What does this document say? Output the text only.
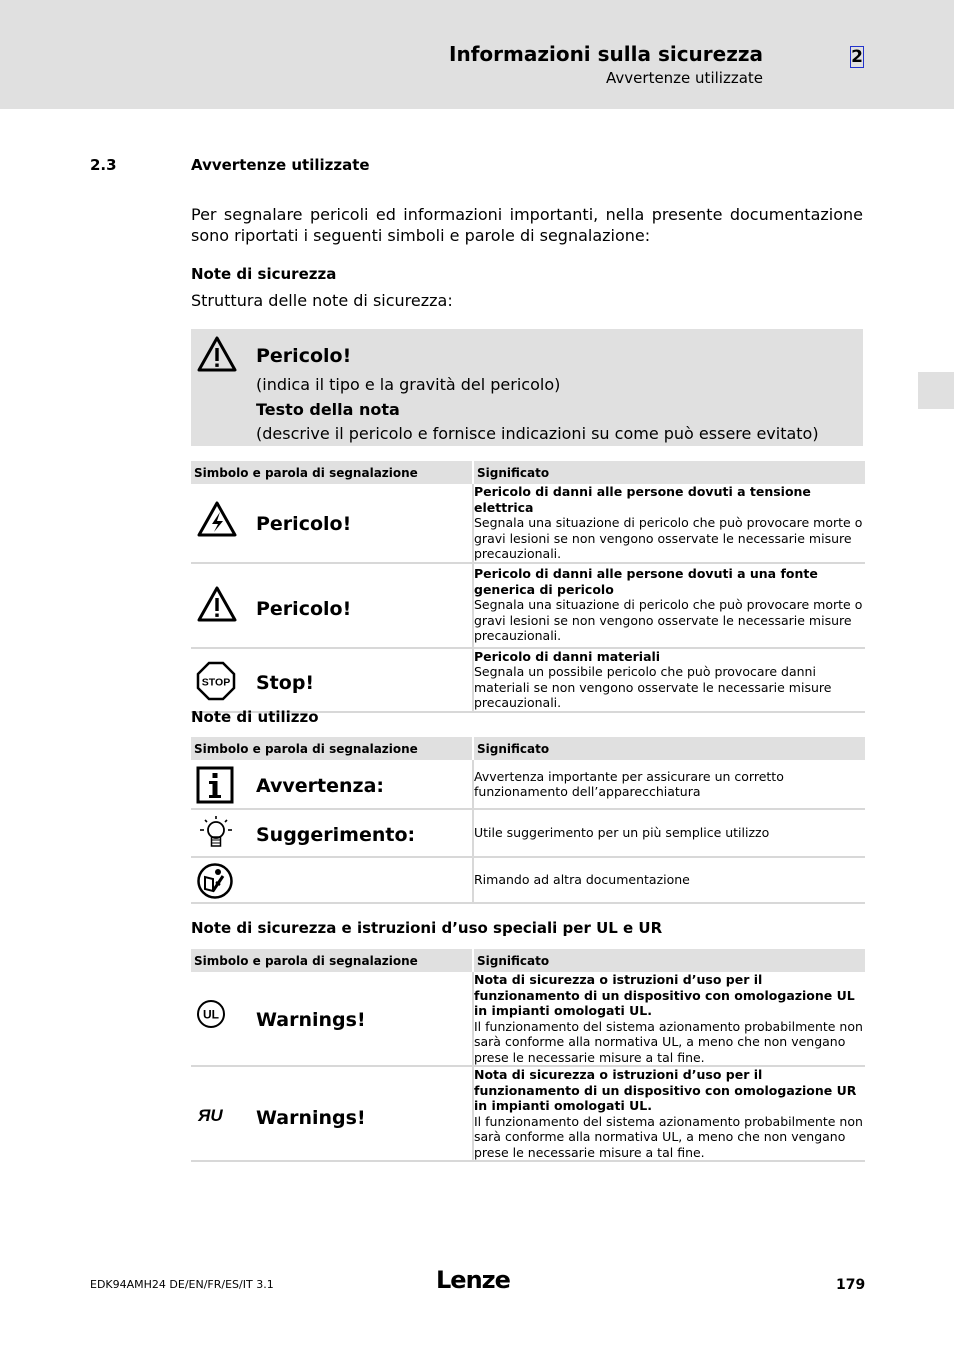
Informazioni sulla sicurezza
Avvertenze utilizzate
2
2.3	Avvertenze utilizzate
Per segnalare pericoli ed informazioni importanti, nella presente documentazione sono riportati i seguenti simboli e parole di segnalazione:
Note di sicurezza
Struttura delle note di sicurezza:
Pericolo!
(indica il tipo e la gravità del pericolo)
Testo della nota
(descrive il pericolo e fornisce indicazioni su come può essere evitato)
Simbolo e parola di segnalazione	Significato

Pericolo!	Pericolo di danni alle persone dovuti a tensione elettrica
Segnala una situazione di pericolo che può provocare morte o gravi lesioni se non vengono osservate le necessarie misure precauzionali.

Pericolo!	Pericolo di danni alle persone dovuti a una fonte generica di pericolo
Segnala una situazione di pericolo che può provocare morte o gravi lesioni se non vengono osservate le necessarie misure precauzionali.

STOP Stop!	Pericolo di danni materiali
Segnala un possibile pericolo che può provocare danni materiali se non vengono osservate le necessarie misure precauzionali.
Note di utilizzo
Simbolo e parola di segnalazione	Significato

Avvertenza:	Avvertenza importante per assicurare un corretto funzionamento dell’apparecchiatura

Suggerimento:	Utile suggerimento per un più semplice utilizzo

	Rimando ad altra documentazione
Note di sicurezza e istruzioni d’uso speciali per UL e UR
Simbolo e parola di segnalazione	Significato

UL Warnings!	Nota di sicurezza o istruzioni d’uso per il funzionamento di un dispositivo con omologazione UL in impianti omologati UL.
Il funzionamento del sistema azionamento probabilmente non sarà conforme alla normativa UL, a meno che non vengano prese le necessarie misure a tal fine.

ЯU Warnings!	Nota di sicurezza o istruzioni d’uso per il funzionamento di un dispositivo con omologazione UR in impianti omologati UL.
Il funzionamento del sistema azionamento probabilmente non sarà conforme alla normativa UL, a meno che non vengano prese le necessarie misure a tal fine.
EDK94AMH24 DE/EN/FR/ES/IT 3.1	Lenze	179
